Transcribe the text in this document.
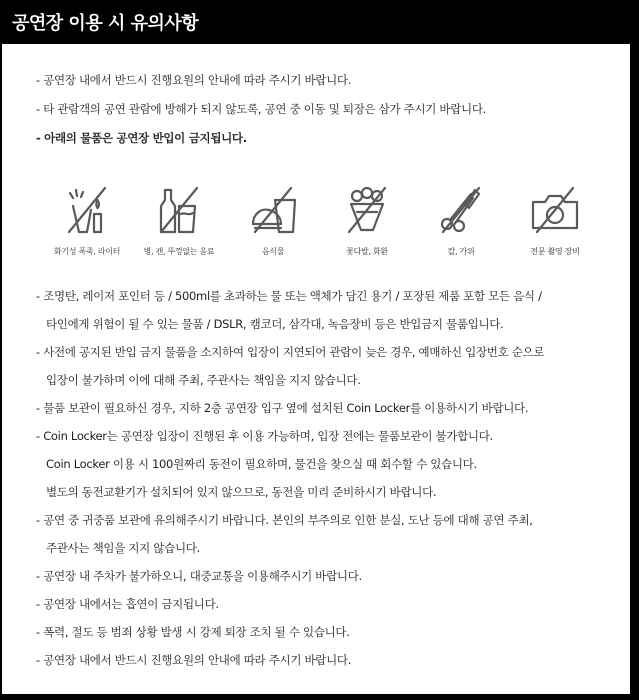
공연장 이용 시 유의사항
- 공연장 내에서 반드시 진행요원의 안내에 따라 주시기 바랍니다.
- 타 관람객의 공연 관람에 방해가 되지 않도록, 공연 중 이동 및 퇴장은 삼가 주시기 바랍니다.
- 아래의 물품은 공연장 반입이 금지됩니다.
화기성 폭죽, 라이터	병, 캔, 뚜껑없는 음료	음식물	꽃다발, 화환	칼, 가위	전문 촬영 장비
- 조명탄, 레이저 포인터 등 / 500ml를 초과하는 물 또는 액체가 담긴 용기 / 포장된 제품 포함 모든 음식 /
타인에게 위험이 될 수 있는 물품 / DSLR, 캠코더, 삼각대, 녹음장비 등은 반입금지 물품입니다.
- 사전에 공지된 반입 금지 물품을 소지하여 입장이 지연되어 관람이 늦은 경우, 예매하신 입장번호 순으로
입장이 불가하며 이에 대해 주최, 주관사는 책임을 지지 않습니다.
- 물품 보관이 필요하신 경우, 지하 2층 공연장 입구 옆에 설치된 Coin Locker를 이용하시기 바랍니다.
- Coin Locker는 공연장 입장이 진행된 후 이용 가능하며, 입장 전에는 물품보관이 불가합니다.
Coin Locker 이용 시 100원짜리 동전이 필요하며, 물건을 찾으실 때 회수할 수 있습니다.
별도의 동전교환기가 설치되어 있지 않으므로, 동전을 미리 준비하시기 바랍니다.
- 공연 중 귀중품 보관에 유의해주시기 바랍니다. 본인의 부주의로 인한 분실, 도난 등에 대해 공연 주최,
주관사는 책임을 지지 않습니다.
- 공연장 내 주차가 불가하오니, 대중교통을 이용해주시기 바랍니다.
- 공연장 내에서는 흡연이 금지됩니다.
- 폭력, 절도 등 범죄 상황 발생 시 강제 퇴장 조치 될 수 있습니다.
- 공연장 내에서 반드시 진행요원의 안내에 따라 주시기 바랍니다.
